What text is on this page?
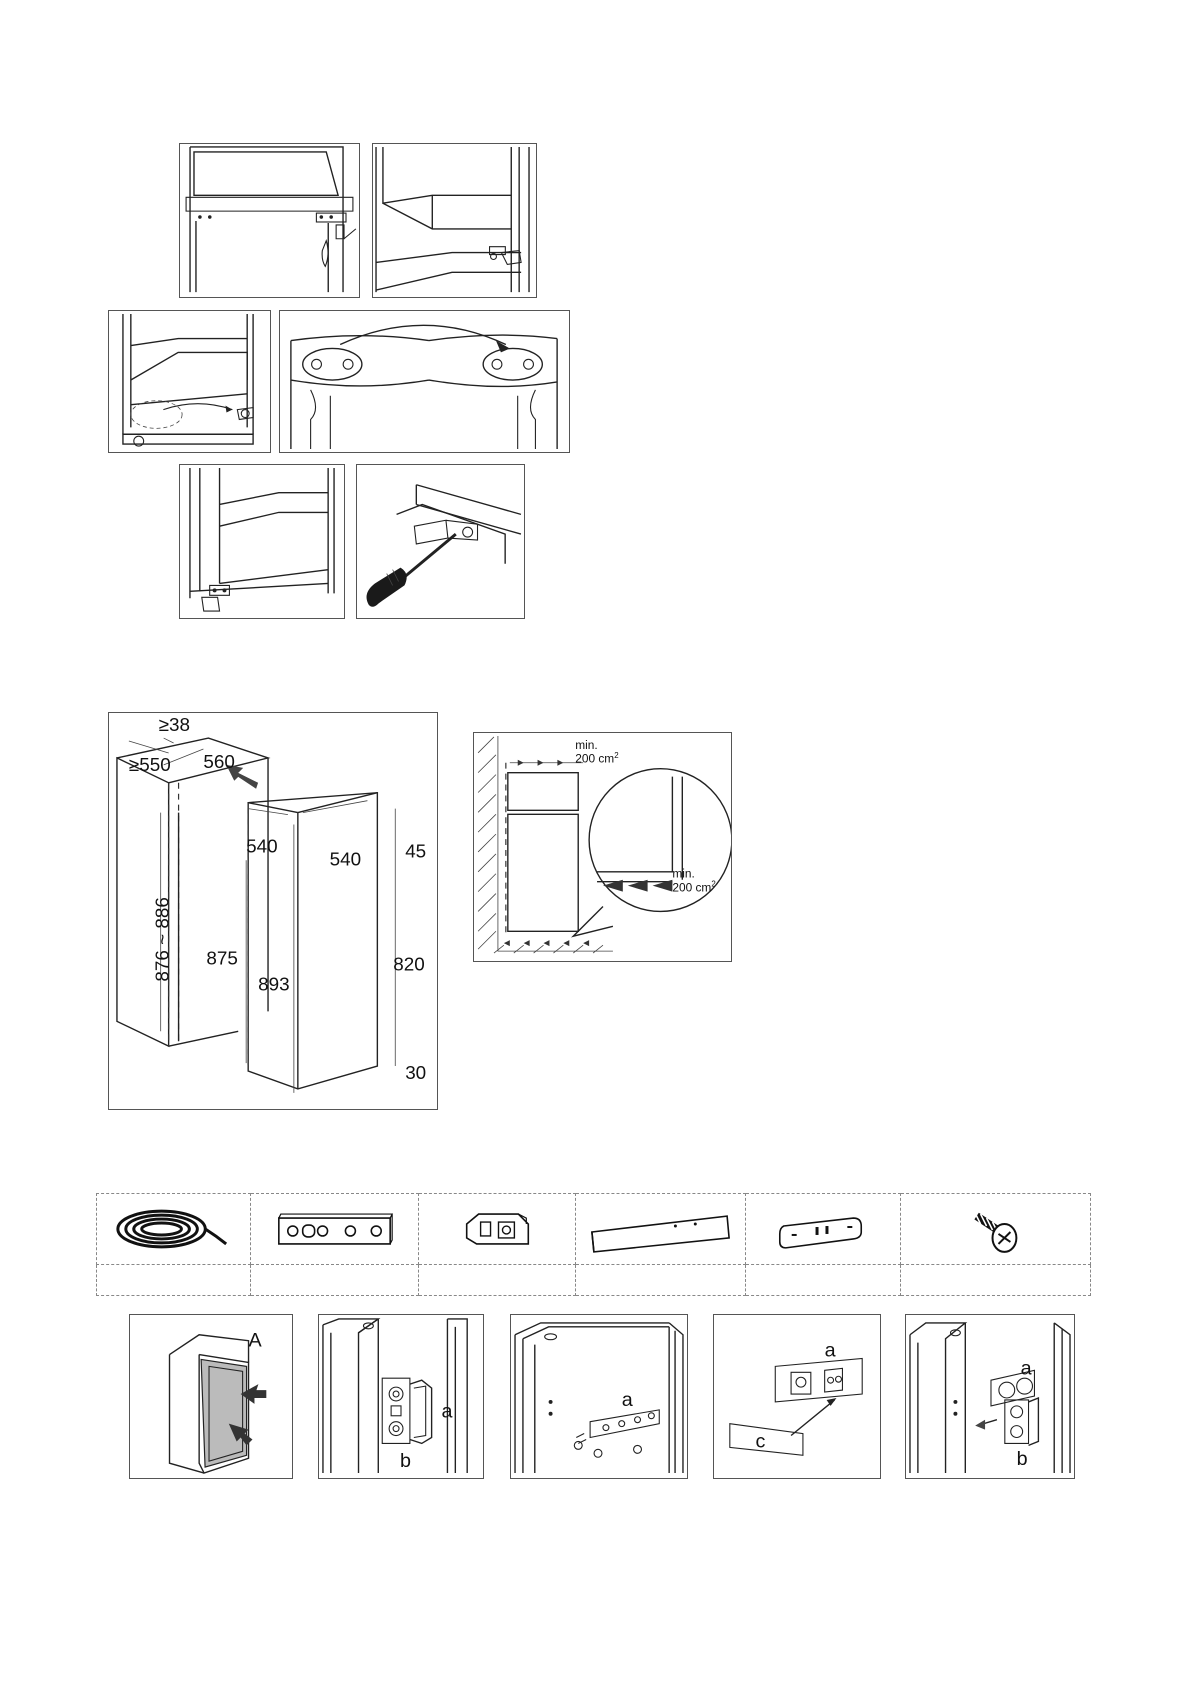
≥38
≥550 560
540
540 45
876 ~ 886 875
893
820
30
min.
200 $cm^2$
min.
200 $cm^2$

A
a
b
a
a
c
a
b
